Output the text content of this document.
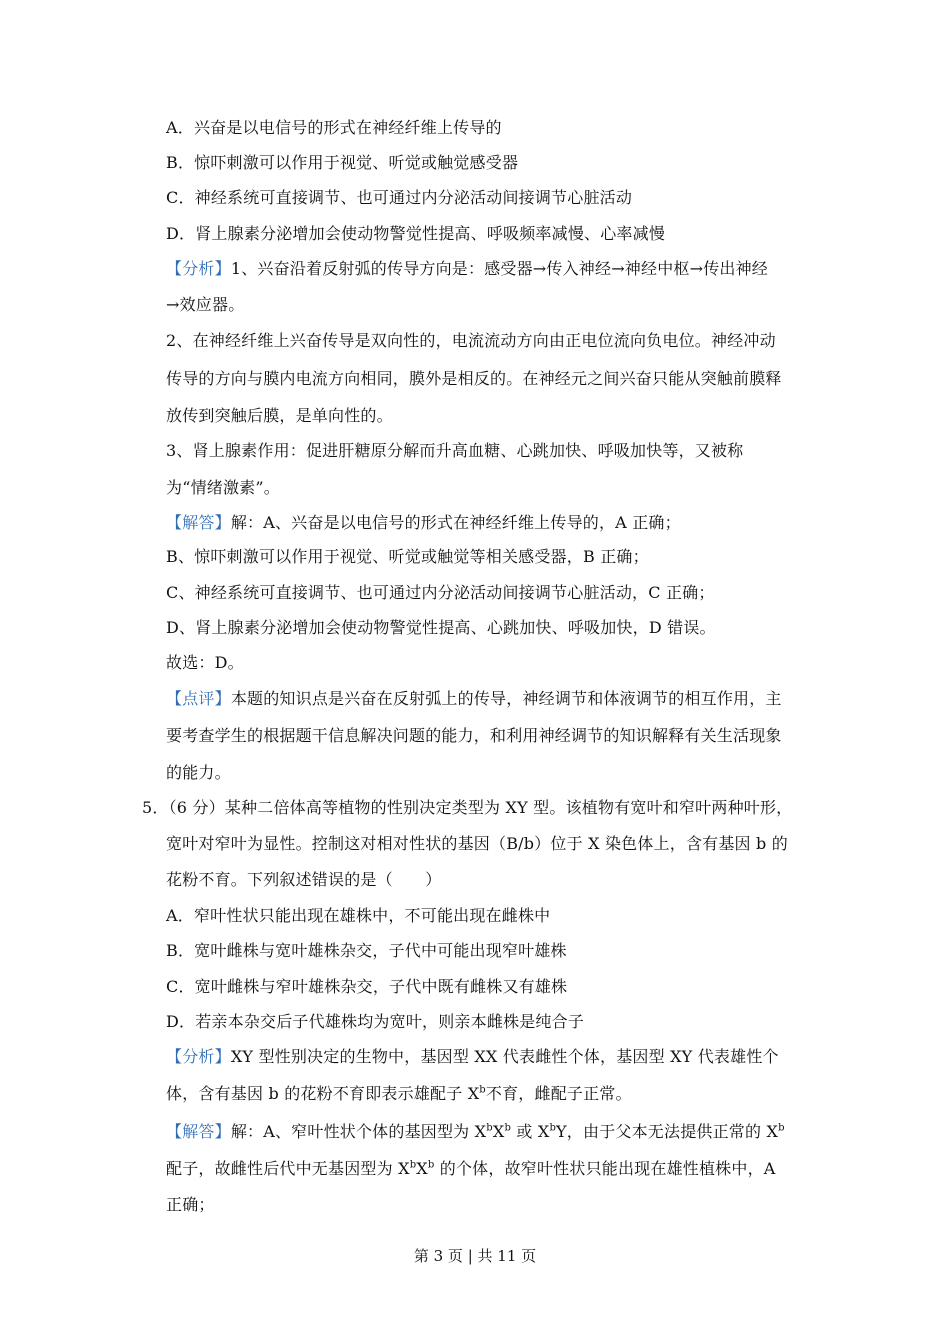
A．兴奋是以电信号的形式在神经纤维上传导的
B．惊吓刺激可以作用于视觉、听觉或触觉感受器
C．神经系统可直接调节、也可通过内分泌活动间接调节心脏活动
D．肾上腺素分泌增加会使动物警觉性提高、呼吸频率减慢、心率减慢
【分析】1、兴奋沿着反射弧的传导方向是：感受器→传入神经→神经中枢→传出神经
→效应器。
2、在神经纤维上兴奋传导是双向性的，电流流动方向由正电位流向负电位。神经冲动
传导的方向与膜内电流方向相同，膜外是相反的。在神经元之间兴奋只能从突触前膜释
放传到突触后膜，是单向性的。
3、肾上腺素作用：促进肝糖原分解而升高血糖、心跳加快、呼吸加快等，又被称
为“情绪激素”。
【解答】解：A、兴奋是以电信号的形式在神经纤维上传导的，A 正确；
B、惊吓刺激可以作用于视觉、听觉或触觉等相关感受器，B 正确；
C、神经系统可直接调节、也可通过内分泌活动间接调节心脏活动，C 正确；
D、肾上腺素分泌增加会使动物警觉性提高、心跳加快、呼吸加快，D 错误。
故选：D。
【点评】本题的知识点是兴奋在反射弧上的传导，神经调节和体液调节的相互作用，主
要考查学生的根据题干信息解决问题的能力，和利用神经调节的知识解释有关生活现象
的能力。
5．（6 分）某种二倍体高等植物的性别决定类型为 XY 型。该植物有宽叶和窄叶两种叶形，
宽叶对窄叶为显性。控制这对相对性状的基因（B/b）位于 X 染色体上，含有基因 b 的
花粉不育。下列叙述错误的是（　　）
A．窄叶性状只能出现在雄株中，不可能出现在雌株中
B．宽叶雌株与宽叶雄株杂交，子代中可能出现窄叶雄株
C．宽叶雌株与窄叶雄株杂交，子代中既有雌株又有雄株
D．若亲本杂交后子代雄株均为宽叶，则亲本雌株是纯合子
【分析】XY 型性别决定的生物中，基因型 XX 代表雌性个体，基因型 XY 代表雄性个
体，含有基因 b 的花粉不育即表示雄配子 $X^b$不育，雌配子正常。
【解答】解：A、窄叶性状个体的基因型为 $X^bX^b$ 或 $X^bY$，由于父本无法提供正常的 $X^b$
配子，故雌性后代中无基因型为 $X^bX^b$ 的个体，故窄叶性状只能出现在雄性植株中，A
正确；
第 3 页 | 共 11 页
